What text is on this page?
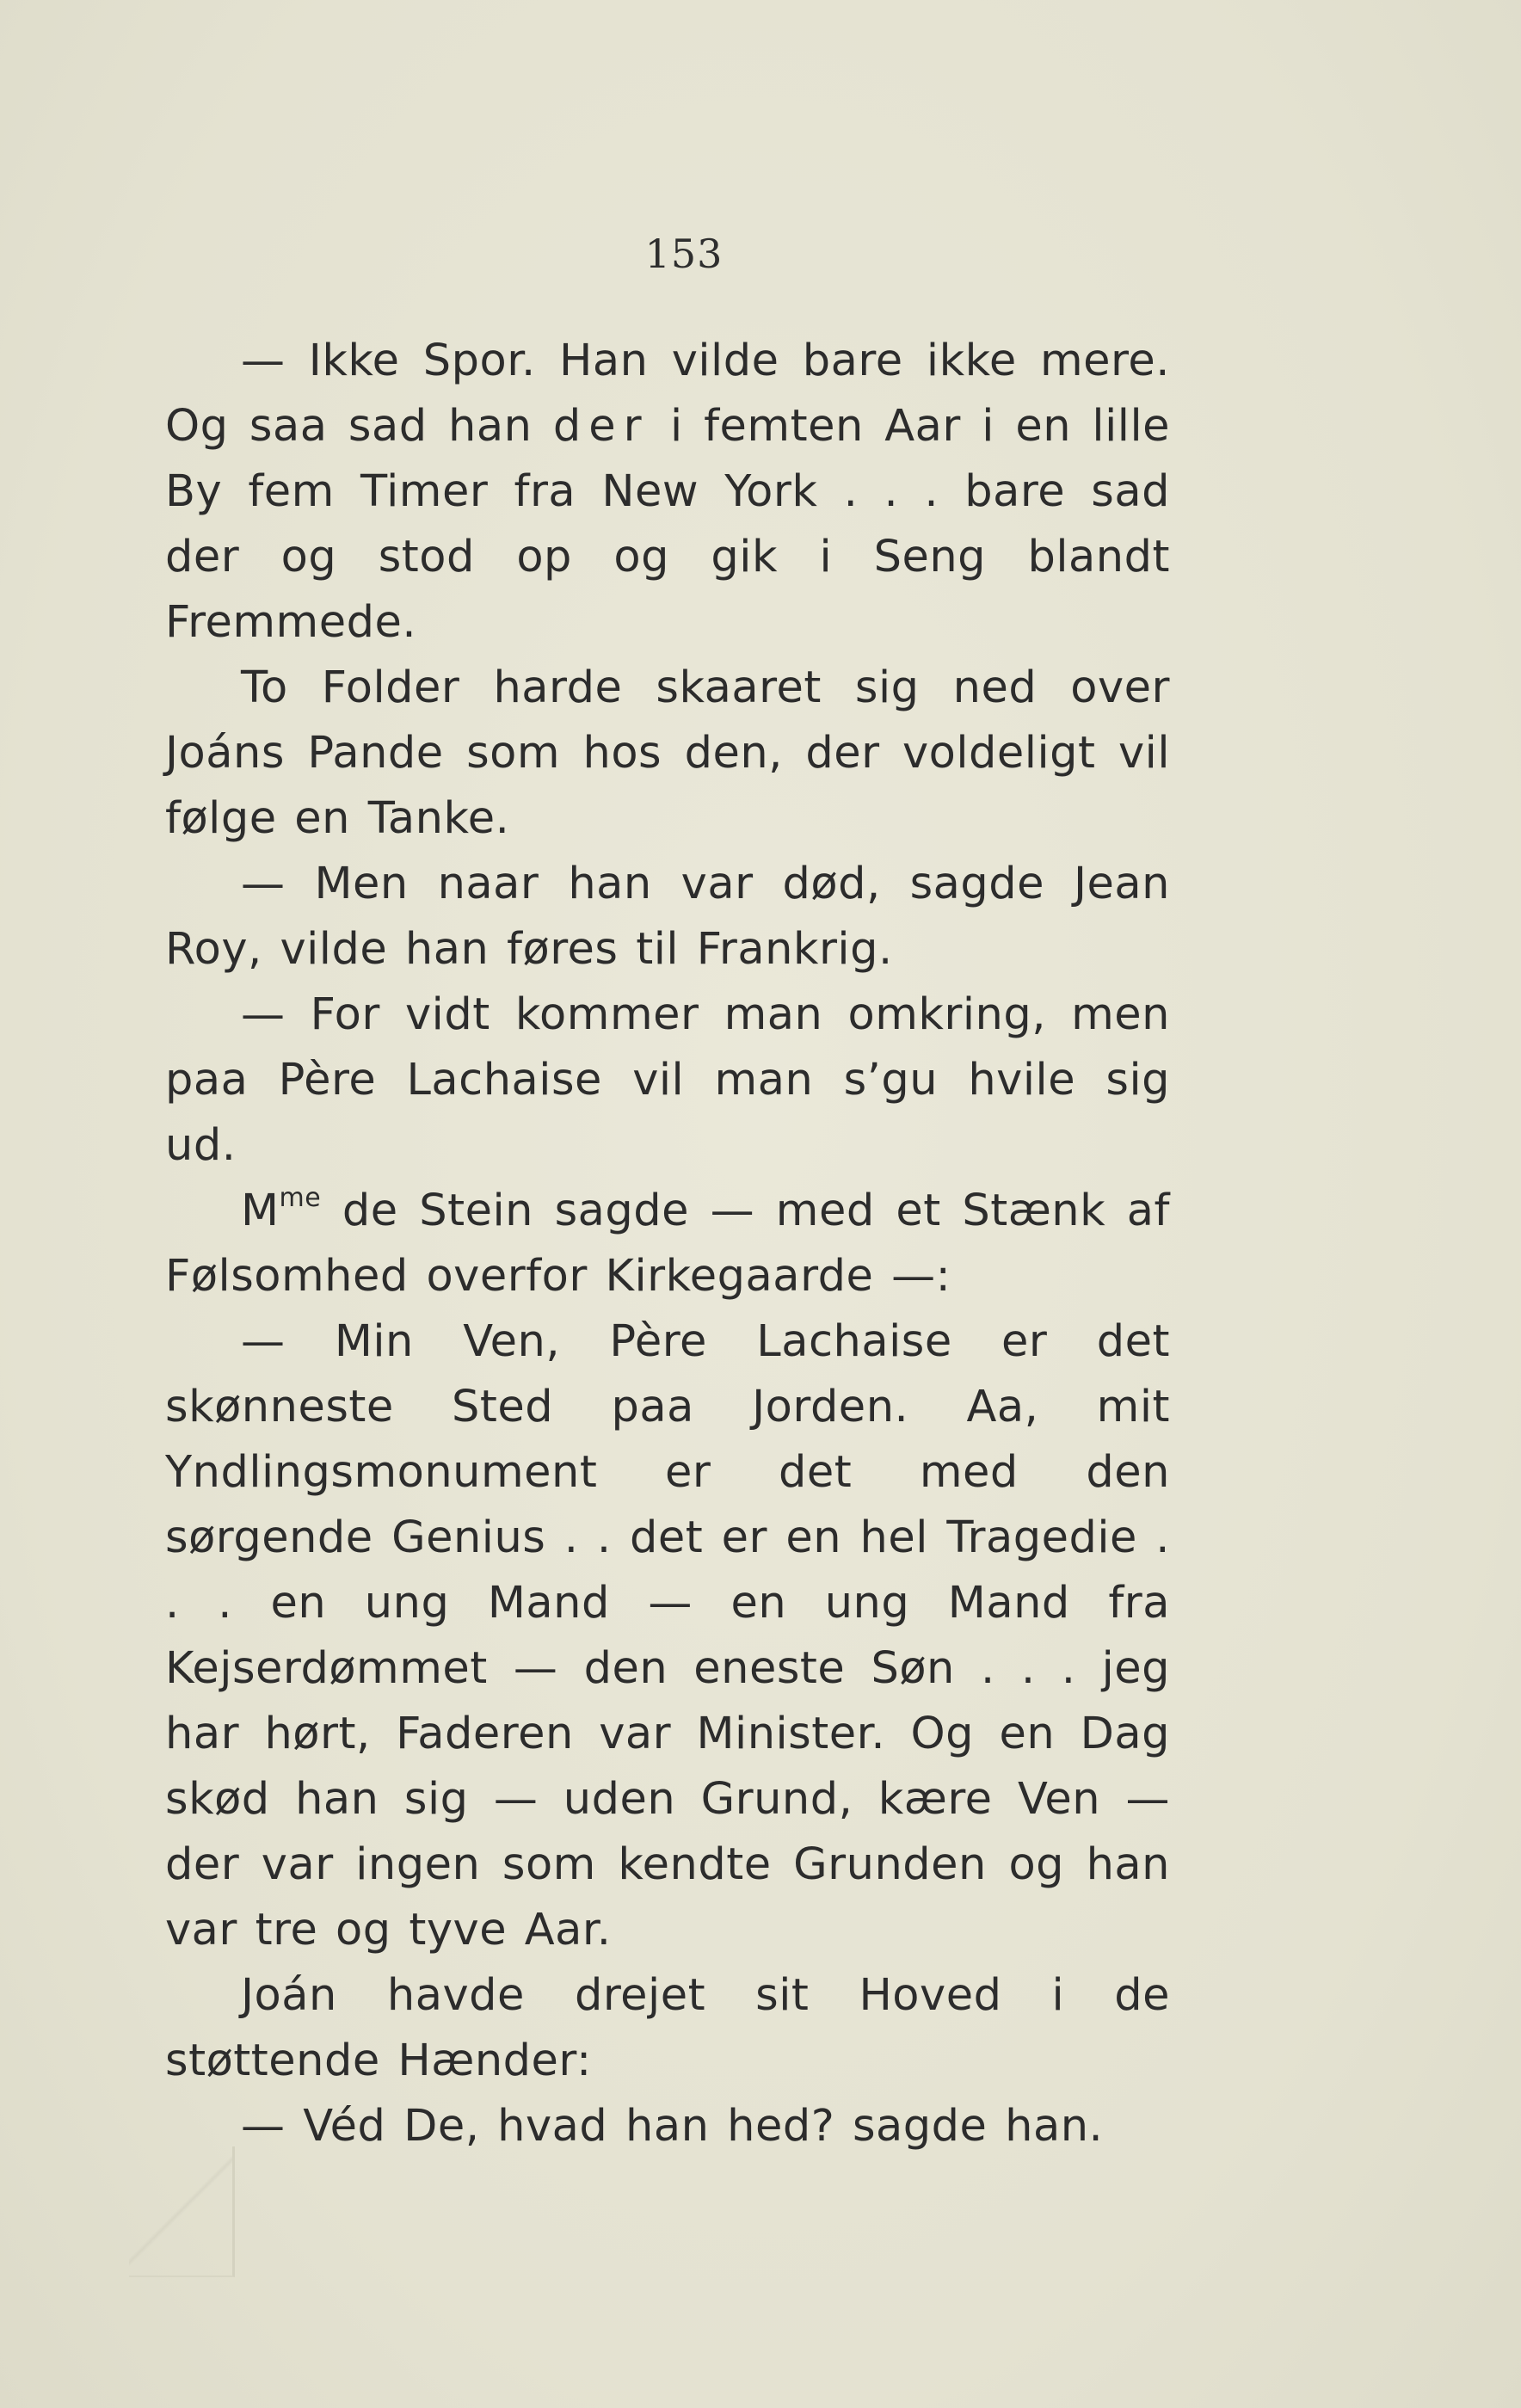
153

— Ikke Spor. Han vilde bare ikke mere. Og saa sad han der i femten Aar i en lille By fem Timer fra New York . . . bare sad der og stod op og gik i Seng blandt Fremmede.

To Folder harde skaaret sig ned over Joáns Pande som hos den, der voldeligt vil følge en Tanke.

— Men naar han var død, sagde Jean Roy, vilde han føres til Frankrig.

— For vidt kommer man omkring, men paa Père Lachaise vil man s’gu hvile sig ud.

$M^{me}$ de Stein sagde — med et Stænk af Følsomhed overfor Kirkegaarde —:

— Min Ven, Père Lachaise er det skønneste Sted paa Jorden. Aa, mit Yndlingsmonument er det med den sørgende Genius . . det er en hel Tragedie . . . en ung Mand — en ung Mand fra Kejserdømmet — den eneste Søn . . . jeg har hørt, Faderen var Minister. Og en Dag skød han sig — uden Grund, kære Ven — der var ingen som kendte Grunden og han var tre og tyve Aar.

Joán havde drejet sit Hoved i de støttende Hænder:

— Véd De, hvad han hed? sagde han.
